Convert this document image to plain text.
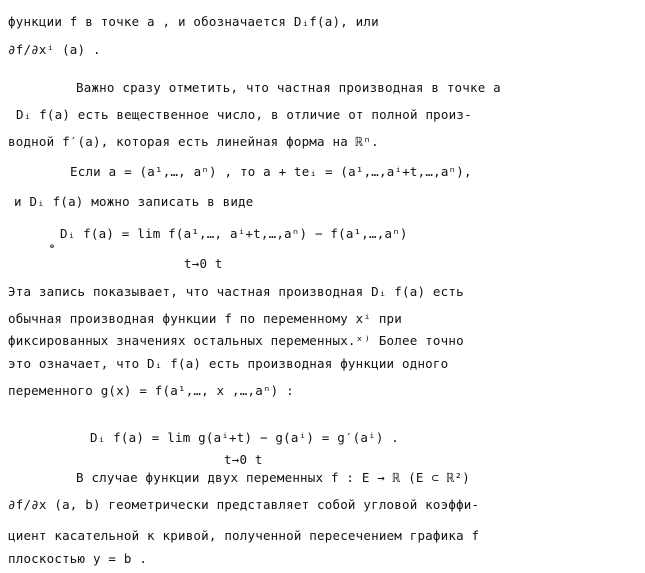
функции f в точке a , и обозначается Dᵢf(a), или
∂f/∂xⁱ (a) .
Важно сразу отметить, что частная производная в точке a
Dᵢ f(a) есть вещественное число, в отличие от полной произ-
водной f′(a), которая есть линейная форма на ℝⁿ.
Если a = (a¹,…, aⁿ) , то a + teᵢ = (a¹,…,aⁱ+t,…,aⁿ),
и Dᵢ f(a) можно записать в виде
Dᵢ f(a) = lim f(a¹,…, aⁱ+t,…,aⁿ) − f(a¹,…,aⁿ)
t→0 t
Эта запись показывает, что частная производная Dᵢ f(a) есть
обычная производная функции f по переменному xⁱ при
фиксированных значениях остальных переменных.ˣ⁾ Более точно
это означает, что Dᵢ f(a) есть производная функции одного
переменного g(x) = f(a¹,…, x ,…,aⁿ) :
Dᵢ f(a) = lim g(aⁱ+t) − g(aⁱ) = g′(aⁱ) .
t→0 t
В случае функции двух переменных f : E → ℝ (E ⊂ ℝ²)
∂f/∂x (a, b) геометрически представляет собой угловой коэффи-
циент касательной к кривой, полученной пересечением графика f
плоскостью y = b .
ₒ
